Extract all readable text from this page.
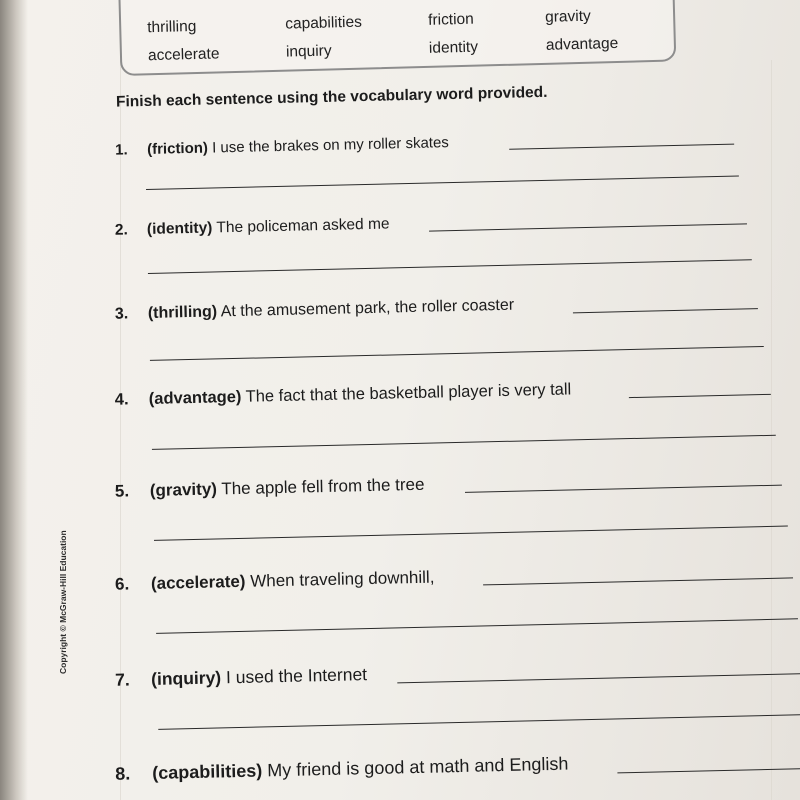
thrilling	capabilities	friction	gravity
accelerate	inquiry	identity	advantage
Finish each sentence using the vocabulary word provided.
1. (friction) I use the brakes on my roller skates
2. (identity) The policeman asked me
3. (thrilling) At the amusement park, the roller coaster
4. (advantage) The fact that the basketball player is very tall
5. (gravity) The apple fell from the tree
6. (accelerate) When traveling downhill,
7. (inquiry) I used the Internet
8. (capabilities) My friend is good at math and English
Copyright © McGraw-Hill Education
